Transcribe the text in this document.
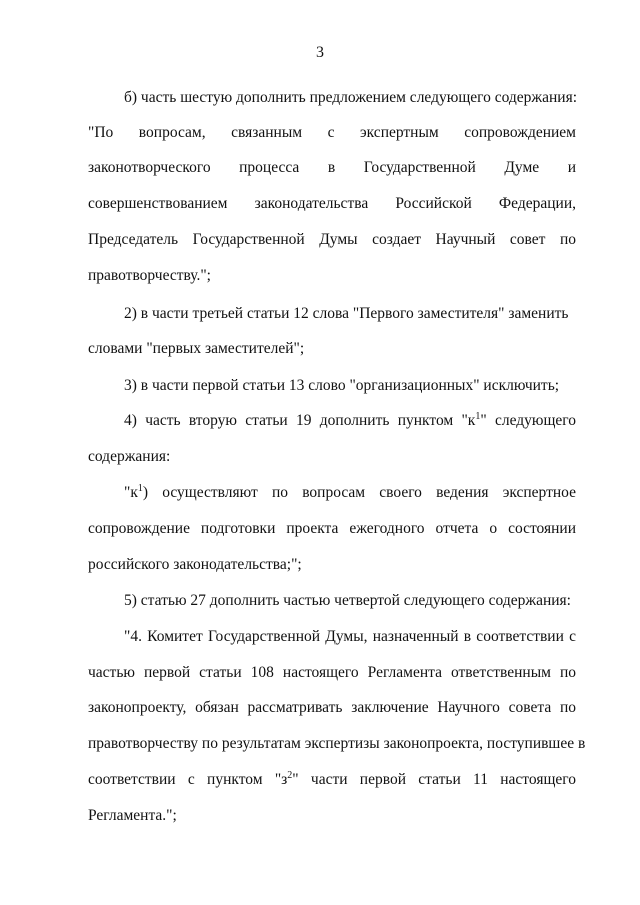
3
б) часть шестую дополнить предложением следующего содержания:
"По вопросам, связанным с экспертным сопровождением
законотворческого процесса в Государственной Думе и
совершенствованием законодательства Российской Федерации,
Председатель Государственной Думы создает Научный совет по
правотворчеству.";
2) в части третьей статьи 12 слова "Первого заместителя" заменить
словами "первых заместителей";
3) в части первой статьи 13 слово "организационных" исключить;
4) часть вторую статьи 19 дополнить пунктом "$к^1$" следующего
содержания:
"$к^1$) осуществляют по вопросам своего ведения экспертное
сопровождение подготовки проекта ежегодного отчета о состоянии
российского законодательства;";
5) статью 27 дополнить частью четвертой следующего содержания:
"4. Комитет Государственной Думы, назначенный в соответствии с
частью первой статьи 108 настоящего Регламента ответственным по
законопроекту, обязан рассматривать заключение Научного совета по
правотворчеству по результатам экспертизы законопроекта, поступившее в
соответствии с пунктом "$з^2$" части первой статьи 11 настоящего
Регламента.";
